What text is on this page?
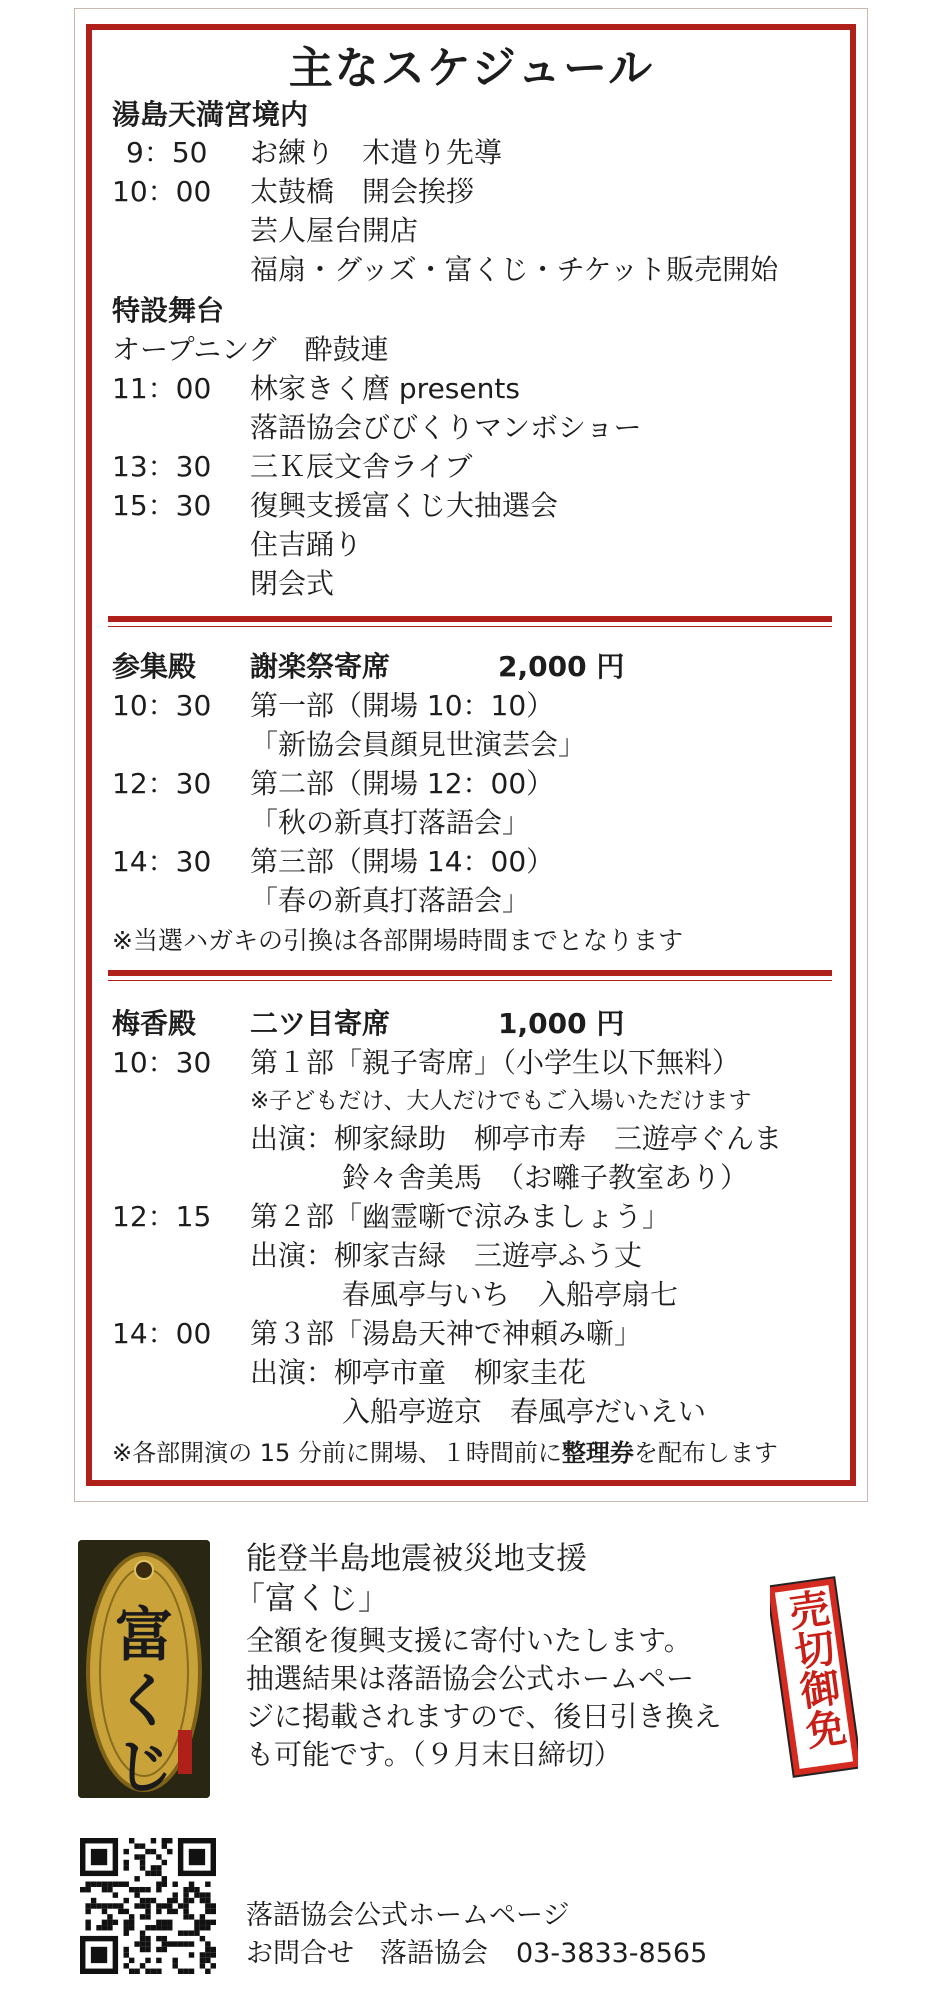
主なスケジュール
湯島天満宮境内
9：50	お練り　木遣り先導
10：00	太鼓橋　開会挨拶
芸人屋台開店
福扇・グッズ・富くじ・チケット販売開始
特設舞台
オープニング　酔鼓連
11：00	林家きく麿 presents
落語協会びびくりマンボショー
13：30	三Ｋ辰文舎ライブ
15：30	復興支援富くじ大抽選会
住吉踊り
閉会式
参集殿 謝楽祭寄席	2,000 円
10：30	第一部（開場 10：10）
「新協会員顔見世演芸会」
12：30	第二部（開場 12：00）
「秋の新真打落語会」
14：30	第三部（開場 14：00）
「春の新真打落語会」
※当選ハガキの引換は各部開場時間までとなります
梅香殿 二ツ目寄席	1,000 円
10：30	第１部「親子寄席」（小学生以下無料）
※子どもだけ、大人だけでもご入場いただけます
出演：柳家緑助　柳亭市寿　三遊亭ぐんま
鈴々舎美馬　（お囃子教室あり）
12：15	第２部「幽霊噺で涼みましょう」
出演：柳家吉緑　三遊亭ふう丈
春風亭与いち　入船亭扇七
14：00	第３部「湯島天神で神頼み噺」
出演：柳亭市童　柳家圭花
入船亭遊京　春風亭だいえい
※各部開演の 15 分前に開場、１時間前に整理券を配布します
富くじ
能登半島地震被災地支援
「富くじ」
全額を復興支援に寄付いたします。
抽選結果は落語協会公式ホームペー
ジに掲載されますので、後日引き換え
も可能です。（９月末日締切）
売切御免
落語協会公式ホームページ
お問合せ 落語協会 03-3833-8565
